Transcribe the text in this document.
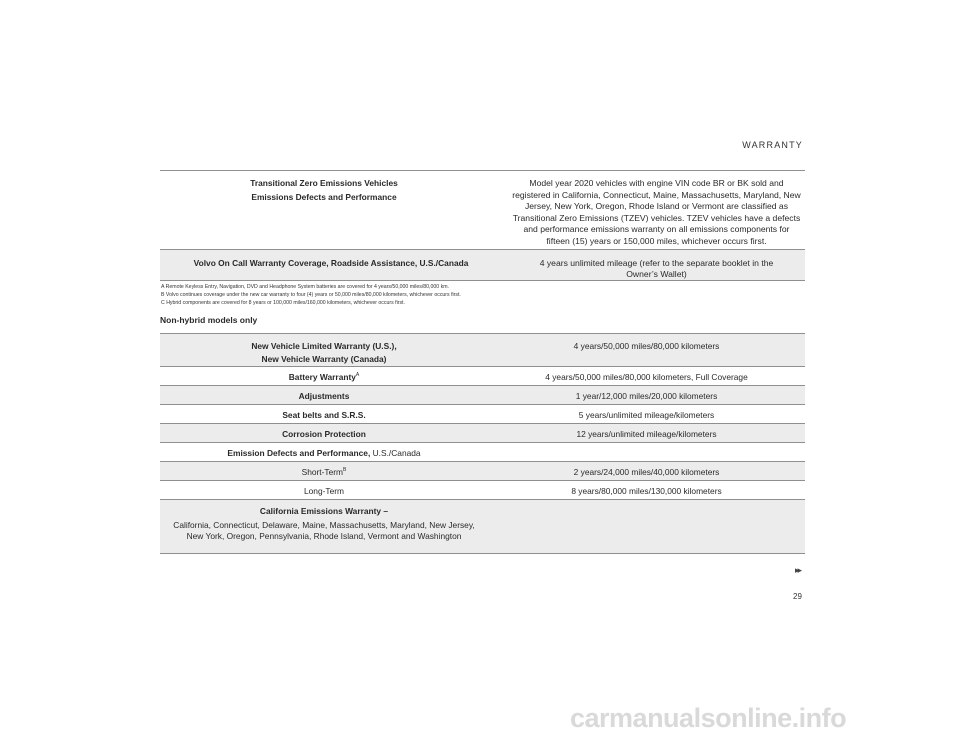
WARRANTY
Transitional Zero Emissions Vehicles
Emissions Defects and Performance	Model year 2020 vehicles with engine VIN code BR or BK sold and registered in California, Connecticut, Maine, Massachusetts, Maryland, New Jersey, New York, Oregon, Rhode Island or Vermont are classified as Transitional Zero Emissions (TZEV) vehicles. TZEV vehicles have a defects and performance emissions warranty on all emissions components for fifteen (15) years or 150,000 miles, whichever occurs first.
Volvo On Call Warranty Coverage, Roadside Assistance, U.S./Canada	4 years unlimited mileage (refer to the separate booklet in the Owner’s Wallet)
A Remote Keyless Entry, Navigation, DVD and Headphone System batteries are covered for 4 years/50,000 miles/80,000 km.
B Volvo continues coverage under the new car warranty to four (4) years or 50,000 miles/80,000 kilometers, whichever occurs first.
C Hybrid components are covered for 8 years or 100,000 miles/160,000 kilometers, whichever occurs first.
Non-hybrid models only
New Vehicle Limited Warranty (U.S.),
New Vehicle Warranty (Canada)	4 years/50,000 miles/80,000 kilometers
Battery Warranty$^A$	4 years/50,000 miles/80,000 kilometers, Full Coverage
Adjustments	1 year/12,000 miles/20,000 kilometers
Seat belts and S.R.S.	5 years/unlimited mileage/kilometers
Corrosion Protection	12 years/unlimited mileage/kilometers
Emission Defects and Performance, U.S./Canada	
Short-Term$^B$	2 years/24,000 miles/40,000 kilometers
Long-Term	8 years/80,000 miles/130,000 kilometers

California Emissions Warranty –
California, Connecticut, Delaware, Maine, Massachusetts, Maryland, New Jersey, New York, Oregon, Pennsylvania, Rhode Island, Vermont and Washington	

▸▸
29
carmanualsonline.info
